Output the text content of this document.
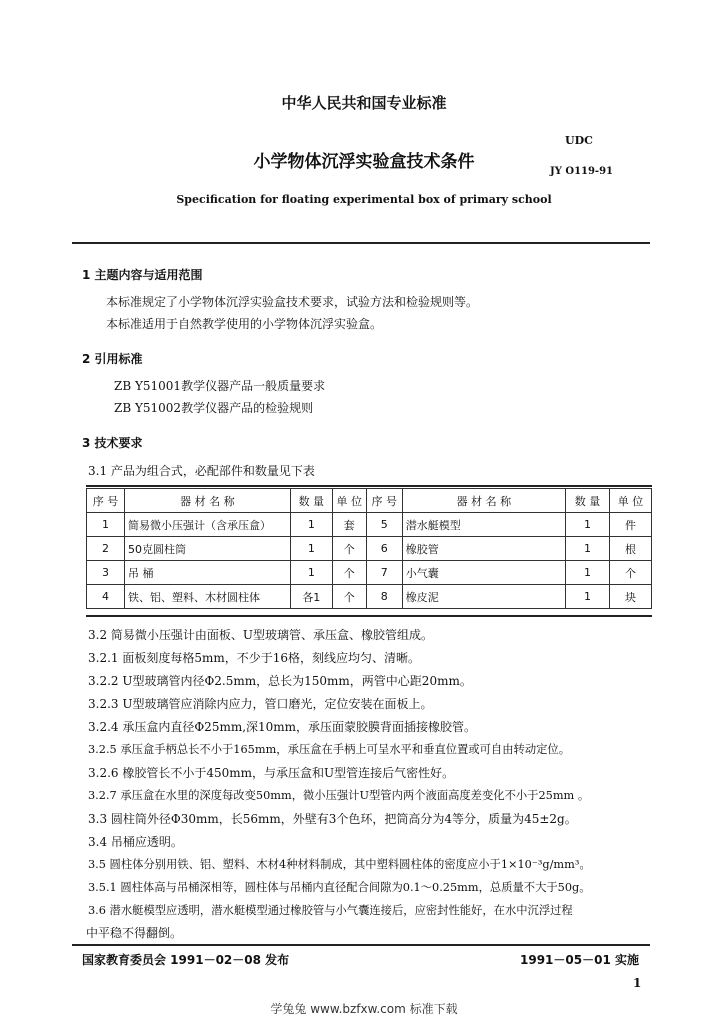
中华人民共和国专业标准
UDC
小学物体沉浮实验盒技术条件	JY O119-91
Specification for floating experimental box of primary school
1 主题内容与适用范围
本标准规定了小学物体沉浮实验盒技术要求，试验方法和检验规则等。
本标准适用于自然教学使用的小学物体沉浮实验盒。
2 引用标准
ZB Y51001教学仪器产品一般质量要求
ZB Y51002教学仪器产品的检验规则
3 技术要求
3.1 产品为组合式，必配部件和数量见下表
序 号	器 材 名 称	数 量	单 位	序 号	器 材 名 称	数 量	单 位
1	简易微小压强计（含承压盒）	1	套	5	潜水艇模型	1	件
2	50克圆柱筒	1	个	6	橡胶管	1	根
3	吊 桶	1	个	7	小气囊	1	个
4	铁、铝、塑料、木材圆柱体	各1	个	8	橡皮泥	1	块
3.2 简易微小压强计由面板、U型玻璃管、承压盒、橡胶管组成。
3.2.1 面板刻度每格5mm，不少于16格，刻线应均匀、清晰。
3.2.2 U型玻璃管内径Φ2.5mm，总长为150mm，两管中心距20mm。
3.2.3 U型玻璃管应消除内应力，管口磨光，定位安装在面板上。
3.2.4 承压盒内直径Φ25mm,深10mm，承压面蒙胶膜背面插接橡胶管。
3.2.5 承压盒手柄总长不小于165mm，承压盒在手柄上可呈水平和垂直位置或可自由转动定位。
3.2.6 橡胶管长不小于450mm，与承压盒和U型管连接后气密性好。
3.2.7 承压盒在水里的深度每改变50mm，微小压强计U型管内两个液面高度差变化不小于25mm 。
3.3 圆柱筒外径Φ30mm，长56mm，外壁有3个色环，把筒高分为4等分，质量为45±2g。
3.4 吊桶应透明。
3.5 圆柱体分别用铁、铝、塑料、木材4种材料制成，其中塑料圆柱体的密度应小于1×10⁻³g/mm³。
3.5.1 圆柱体高与吊桶深相等，圆柱体与吊桶内直径配合间隙为0.1～0.25mm，总质量不大于50g。
3.6 潜水艇模型应透明，潜水艇模型通过橡胶管与小气囊连接后，应密封性能好，在水中沉浮过程
中平稳不得翻倒。
国家教育委员会 1991－02－08 发布	1991－05－01 实施
1
学兔兔 www.bzfxw.com 标准下载
